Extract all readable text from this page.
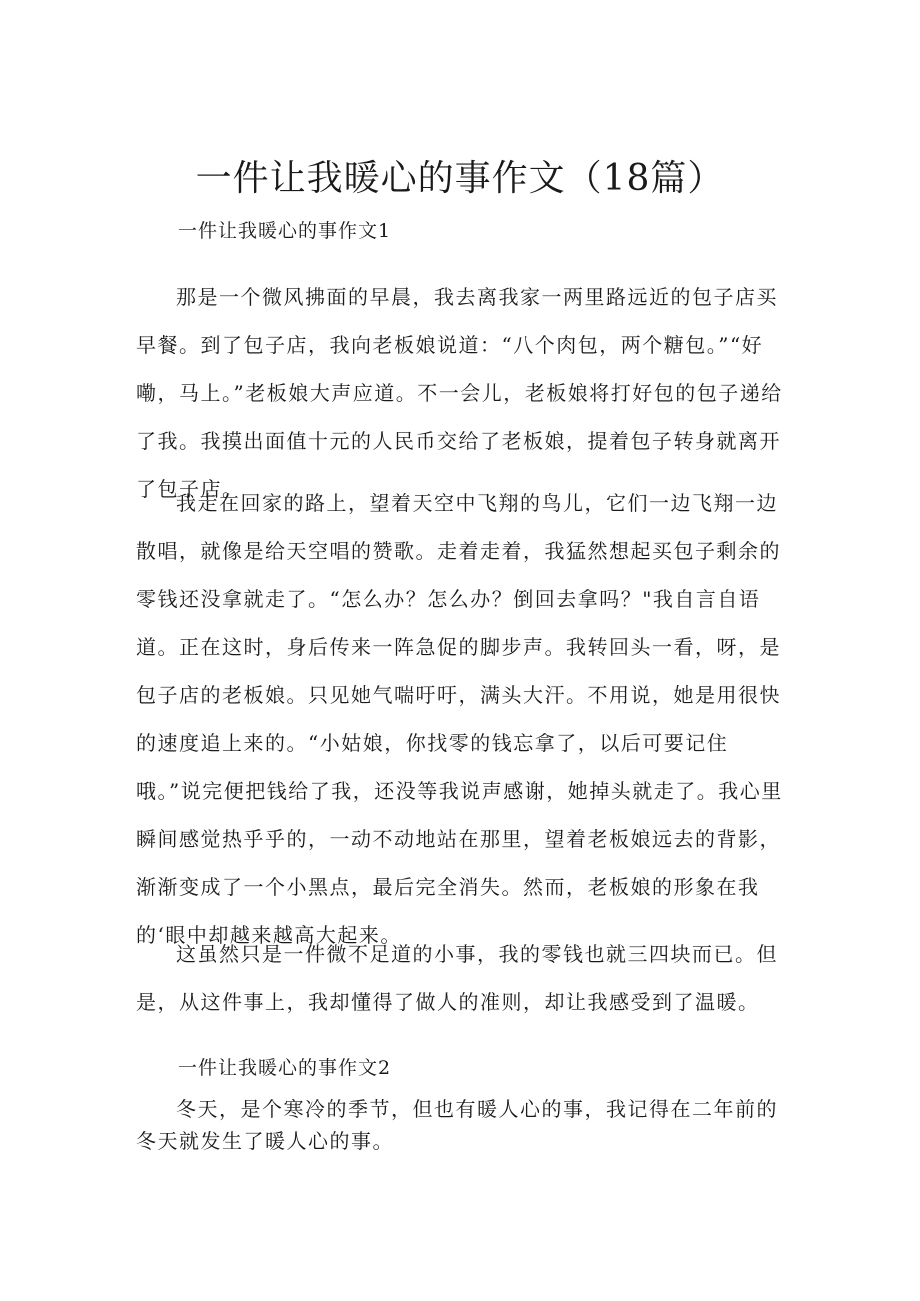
一件让我暖心的事作文（18篇）
一件让我暖心的事作文1

那是一个微风拂面的早晨，我去离我家一两里路远近的包子店买早餐。到了包子店，我向老板娘说道：“八个肉包，两个糖包。”“好嘞，马上。”老板娘大声应道。不一会儿，老板娘将打好包的包子递给了我。我摸出面值十元的人民币交给了老板娘，提着包子转身就离开了包子店。

我走在回家的路上，望着天空中飞翔的鸟儿，它们一边飞翔一边散唱，就像是给天空唱的赞歌。走着走着，我猛然想起买包子剩余的零钱还没拿就走了。“怎么办？怎么办？倒回去拿吗？"我自言自语道。正在这时，身后传来一阵急促的脚步声。我转回头一看，呀，是包子店的老板娘。只见她气喘吁吁，满头大汗。不用说，她是用很快的速度追上来的。“小姑娘，你找零的钱忘拿了，以后可要记住哦。”说完便把钱给了我，还没等我说声感谢，她掉头就走了。我心里瞬间感觉热乎乎的，一动不动地站在那里，望着老板娘远去的背影，渐渐变成了一个小黑点，最后完全消失。然而，老板娘的形象在我的‘眼中却越来越高大起来。

这虽然只是一件微不足道的小事，我的零钱也就三四块而已。但是，从这件事上，我却懂得了做人的准则，却让我感受到了温暖。

一件让我暖心的事作文2

冬天，是个寒冷的季节，但也有暖人心的事，我记得在二年前的冬天就发生了暖人心的事。
